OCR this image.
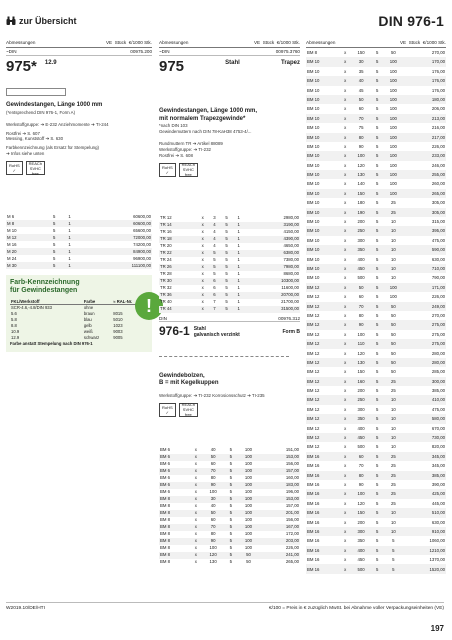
zur Übersicht	DIN 976-1
Abmessungen	VE Stück €/1000 Stk.
~DIN	00975.200
975* 12.9
Gewindestangen, Länge 1000 mm
(*entsprechend DIN 976-1, Form A)
Werkstoffgruppe: ➔ E-232 Anziehmomente ➔ TI-244
Rostfrei ➔ S. 607
Messing, Kunststoff ➔ S. 630
Farbkennzeichnung (als Ersatz für Stempelung)
➔ Infos siehe unten
RoHS
✓
REACh
SVHC
free
M 6	5	1	60600,00
M 8	5	1	60600,00
M 10	5	1	65600,00
M 12	5	1	72000,00
M 16	5	1	74200,00
M 20	5	1	84900,00
M 24	5	1	96900,00
M 30	5	1	111100,00
Farb-Kennzeichnung
für Gewindestangen
FKL/Werkstoff	Farbe	≈ RAL-Nr.
SCR-4.6,-4.8/DIN 933	ohne	
5.6	braun	8015
5.8	blau	5010
8.8	gelb	1023
10.9	weiß	9003
12.9	schwarz	9005
Farbe anstatt Stempelung nach DIN 976-1
!
Abmessungen	VE Stück €/1000 Stk.
~DIN	00975.3760
975	Stahl	Trapez
Gewindestangen, Länge 1000 mm,
mit normalem Trapezgewinde*
*nach DIN 103
Gewindemuttern nach DIN 78-KaH38 4753-4/...
Rundmuttern TR ➔ Artikel 88089
Werkstoffgruppe: ➔ TI-232
Rostfrei ➔ S. 608
RoHS
✓
REACh
SVHC
free
TR 12	x	3	5	1	2980,00
TR 14	x	4	5	1	3190,00
TR 16	x	4	5	1	4150,00
TR 18	x	4	5	1	4390,00
TR 20	x	4	5	1	4650,00
TR 22	x	5	5	1	6380,00
TR 24	x	5	5	1	7380,00
TR 26	x	5	5	1	7980,00
TR 28	x	5	5	1	8680,00
TR 30	x	6	5	1	10300,00
TR 32	x	6	5	1	11600,00
TR 36	x	6	5	1	20700,00
TR 40	x	7	5	1	21700,00
TR 44	x	7	5	1	31500,00
DIN	00976.312
976-1 Stahl
galvanisch verzinkt
Form B
Gewindebolzen,
B = mit Kegelkuppen
Werkstoffgruppe: ➔ TI-232 Korrosionsschutz ➔ TI-235
RoHS
✓
REACh
SVHC
free
BM 6	x	40	5	100	151,00
BM 6	x	50	5	100	153,00
BM 6	x	60	5	100	156,00
BM 6	x	70	5	100	157,00
BM 6	x	80	5	100	160,00
BM 6	x	90	5	100	183,00
BM 6	x	100	5	100	196,00
BM 8	x	30	5	100	153,00
BM 8	x	40	5	100	157,00
BM 8	x	50	5	100	201,00
BM 8	x	60	5	100	156,00
BM 8	x	70	5	100	167,00
BM 8	x	80	5	100	172,00
BM 8	x	90	5	100	203,00
BM 8	x	100	5	100	226,00
BM 8	x	120	5	50	241,00
BM 8	x	130	5	50	265,00
Abmessungen	VE Stück €/1000 Stk.
BM 8	x	150	5	50	270,00
BM 10	x	30	5	100	170,00
BM 10	x	35	5	100	176,00
BM 10	x	40	5	100	176,00
BM 10	x	45	5	100	176,00
BM 10	x	50	5	100	180,00
BM 10	x	60	5	100	206,00
BM 10	x	70	5	100	213,00
BM 10	x	75	5	100	216,00
BM 10	x	80	5	100	217,00
BM 10	x	90	5	100	226,00
BM 10	x	100	5	100	233,00
BM 10	x	120	5	100	246,00
BM 10	x	130	5	100	255,00
BM 10	x	140	5	100	260,00
BM 10	x	150	5	100	265,00
BM 10	x	180	5	25	305,00
BM 10	x	190	5	25	305,00
BM 10	x	200	5	10	315,00
BM 10	x	250	5	10	395,00
BM 10	x	300	5	10	475,00
BM 10	x	350	5	10	590,00
BM 10	x	400	5	10	630,00
BM 10	x	450	5	10	710,00
BM 10	x	500	5	10	790,00
BM 12	x	50	5	100	171,00
BM 12	x	60	5	100	226,00
BM 12	x	70	5	50	249,00
BM 12	x	80	5	50	270,00
BM 12	x	90	5	50	275,00
BM 12	x	100	5	50	275,00
BM 12	x	110	5	50	275,00
BM 12	x	120	5	50	280,00
BM 12	x	130	5	50	280,00
BM 12	x	150	5	50	285,00
BM 12	x	160	5	25	300,00
BM 12	x	200	5	25	385,00
BM 12	x	250	5	10	410,00
BM 12	x	300	5	10	475,00
BM 12	x	350	5	10	580,00
BM 12	x	400	5	10	670,00
BM 12	x	450	5	10	730,00
BM 12	x	500	5	10	820,00
BM 16	x	60	5	25	345,00
BM 16	x	70	5	25	345,00
BM 16	x	80	5	25	385,00
BM 16	x	90	5	25	390,00
BM 16	x	100	5	25	425,00
BM 16	x	120	5	25	445,00
BM 16	x	150	5	10	510,00
BM 16	x	200	5	10	630,00
BM 16	x	300	5	10	910,00
BM 16	x	350	5	5	1060,00
BM 16	x	400	5	5	1210,00
BM 16	x	450	5	5	1370,00
BM 16	x	500	5	5	1520,00
W2019.10/DE/HTI	€/100 = Preis in € zuzüglich MwSt. bei Abnahme voller Verpackungseinheiten (VE)
197
